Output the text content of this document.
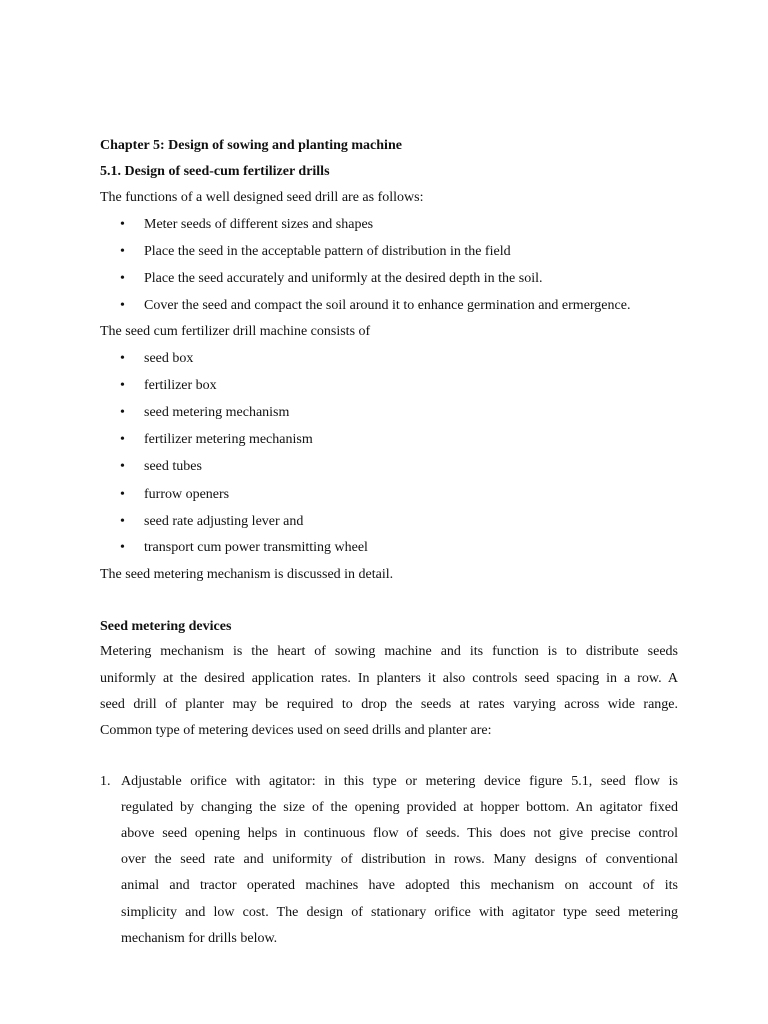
Chapter 5: Design of sowing and planting machine
5.1. Design of seed-cum fertilizer drills
The functions of a well designed seed drill are as follows:
• Meter seeds of different sizes and shapes
• Place the seed in the acceptable pattern of distribution in the field
• Place the seed accurately and uniformly at the desired depth in the soil.
• Cover the seed and compact the soil around it to enhance germination and ermergence.
The seed cum fertilizer drill machine consists of
• seed box
• fertilizer box
• seed metering mechanism
• fertilizer metering mechanism
• seed tubes
• furrow openers
• seed rate adjusting lever and
• transport cum power transmitting wheel
The seed metering mechanism is discussed in detail.
Seed metering devices
Metering mechanism is the heart of sowing machine and its function is to distribute seeds
uniformly at the desired application rates. In planters it also controls seed spacing in a row. A
seed drill of planter may be required to drop the seeds at rates varying across wide range.
Common type of metering devices used on seed drills and planter are:
1. Adjustable orifice with agitator: in this type or metering device figure 5.1, seed flow is
regulated by changing the size of the opening provided at hopper bottom. An agitator fixed
above seed opening helps in continuous flow of seeds. This does not give precise control
over the seed rate and uniformity of distribution in rows. Many designs of conventional
animal and tractor operated machines have adopted this mechanism on account of its
simplicity and low cost. The design of stationary orifice with agitator type seed metering
mechanism for drills below.
